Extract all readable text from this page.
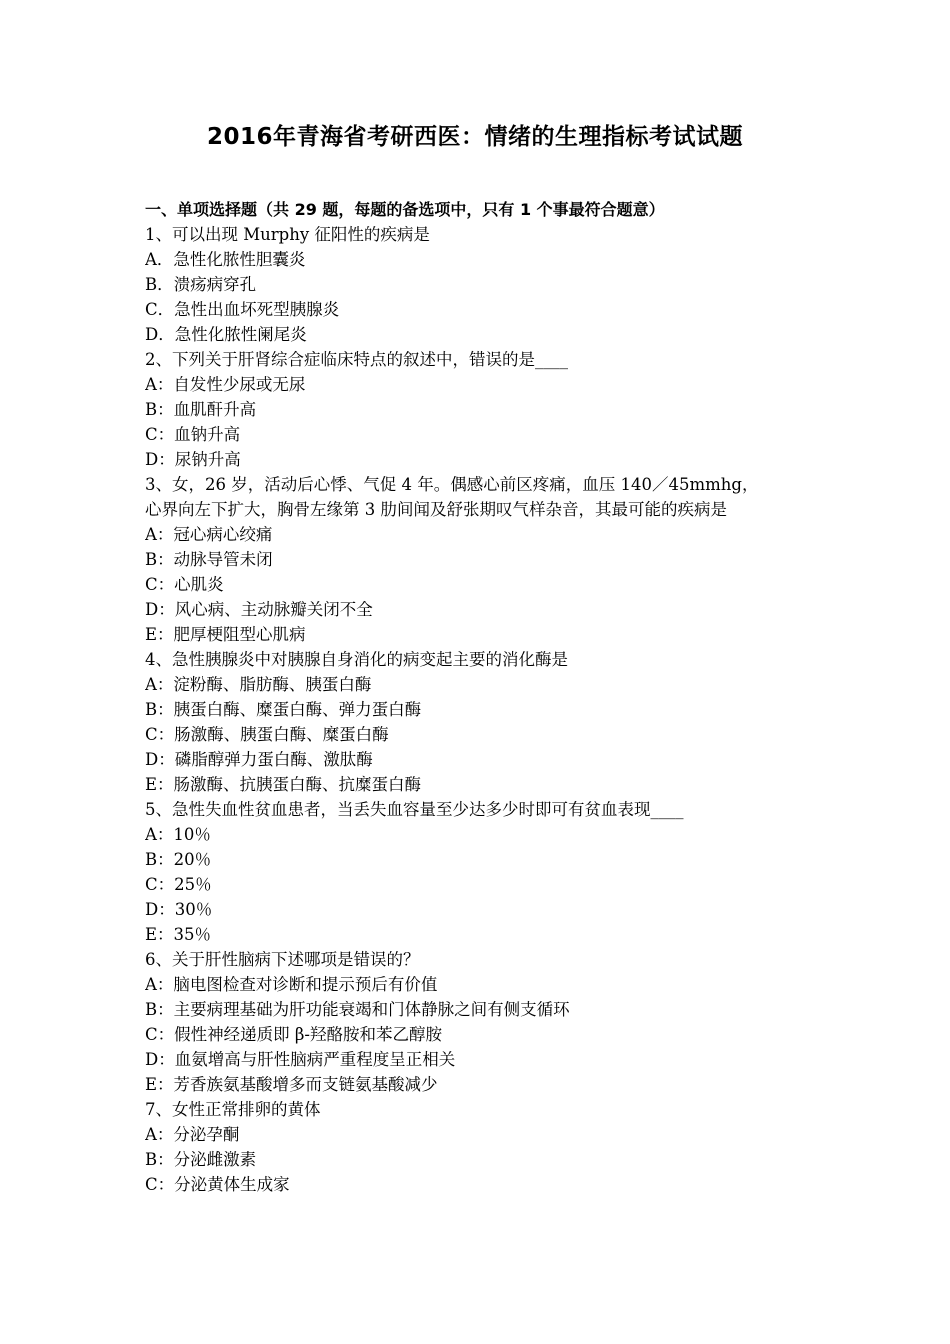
2016年青海省考研西医：情绪的生理指标考试试题
一、单项选择题（共 29 题，每题的备选项中，只有 1 个事最符合题意）
1、可以出现 Murphy 征阳性的疾病是
A．急性化脓性胆囊炎
B．溃疡病穿孔
C．急性出血坏死型胰腺炎
D．急性化脓性阑尾炎
2、下列关于肝肾综合症临床特点的叙述中，错误的是____
A：自发性少尿或无尿
B：血肌酐升高
C：血钠升高
D：尿钠升高
3、女，26 岁，活动后心悸、气促 4 年。偶感心前区疼痛，血压 140／45mmhg，
心界向左下扩大，胸骨左缘第 3 肋间闻及舒张期叹气样杂音，其最可能的疾病是
A：冠心病心绞痛
B：动脉导管未闭
C：心肌炎
D：风心病、主动脉瓣关闭不全
E：肥厚梗阻型心肌病
4、急性胰腺炎中对胰腺自身消化的病变起主要的消化酶是
A：淀粉酶、脂肪酶、胰蛋白酶
B：胰蛋白酶、糜蛋白酶、弹力蛋白酶
C：肠激酶、胰蛋白酶、糜蛋白酶
D：磷脂醇弹力蛋白酶、激肽酶
E：肠激酶、抗胰蛋白酶、抗糜蛋白酶
5、急性失血性贫血患者，当丢失血容量至少达多少时即可有贫血表现____
A：10％
B：20％
C：25％
D：30％
E：35％
6、关于肝性脑病下述哪项是错误的？
A：脑电图检查对诊断和提示预后有价值
B：主要病理基础为肝功能衰竭和门体静脉之间有侧支循环
C：假性神经递质即 β-羟酪胺和苯乙醇胺
D：血氨增高与肝性脑病严重程度呈正相关
E：芳香族氨基酸增多而支链氨基酸减少
7、女性正常排卵的黄体
A：分泌孕酮
B：分泌雌激素
C：分泌黄体生成家
